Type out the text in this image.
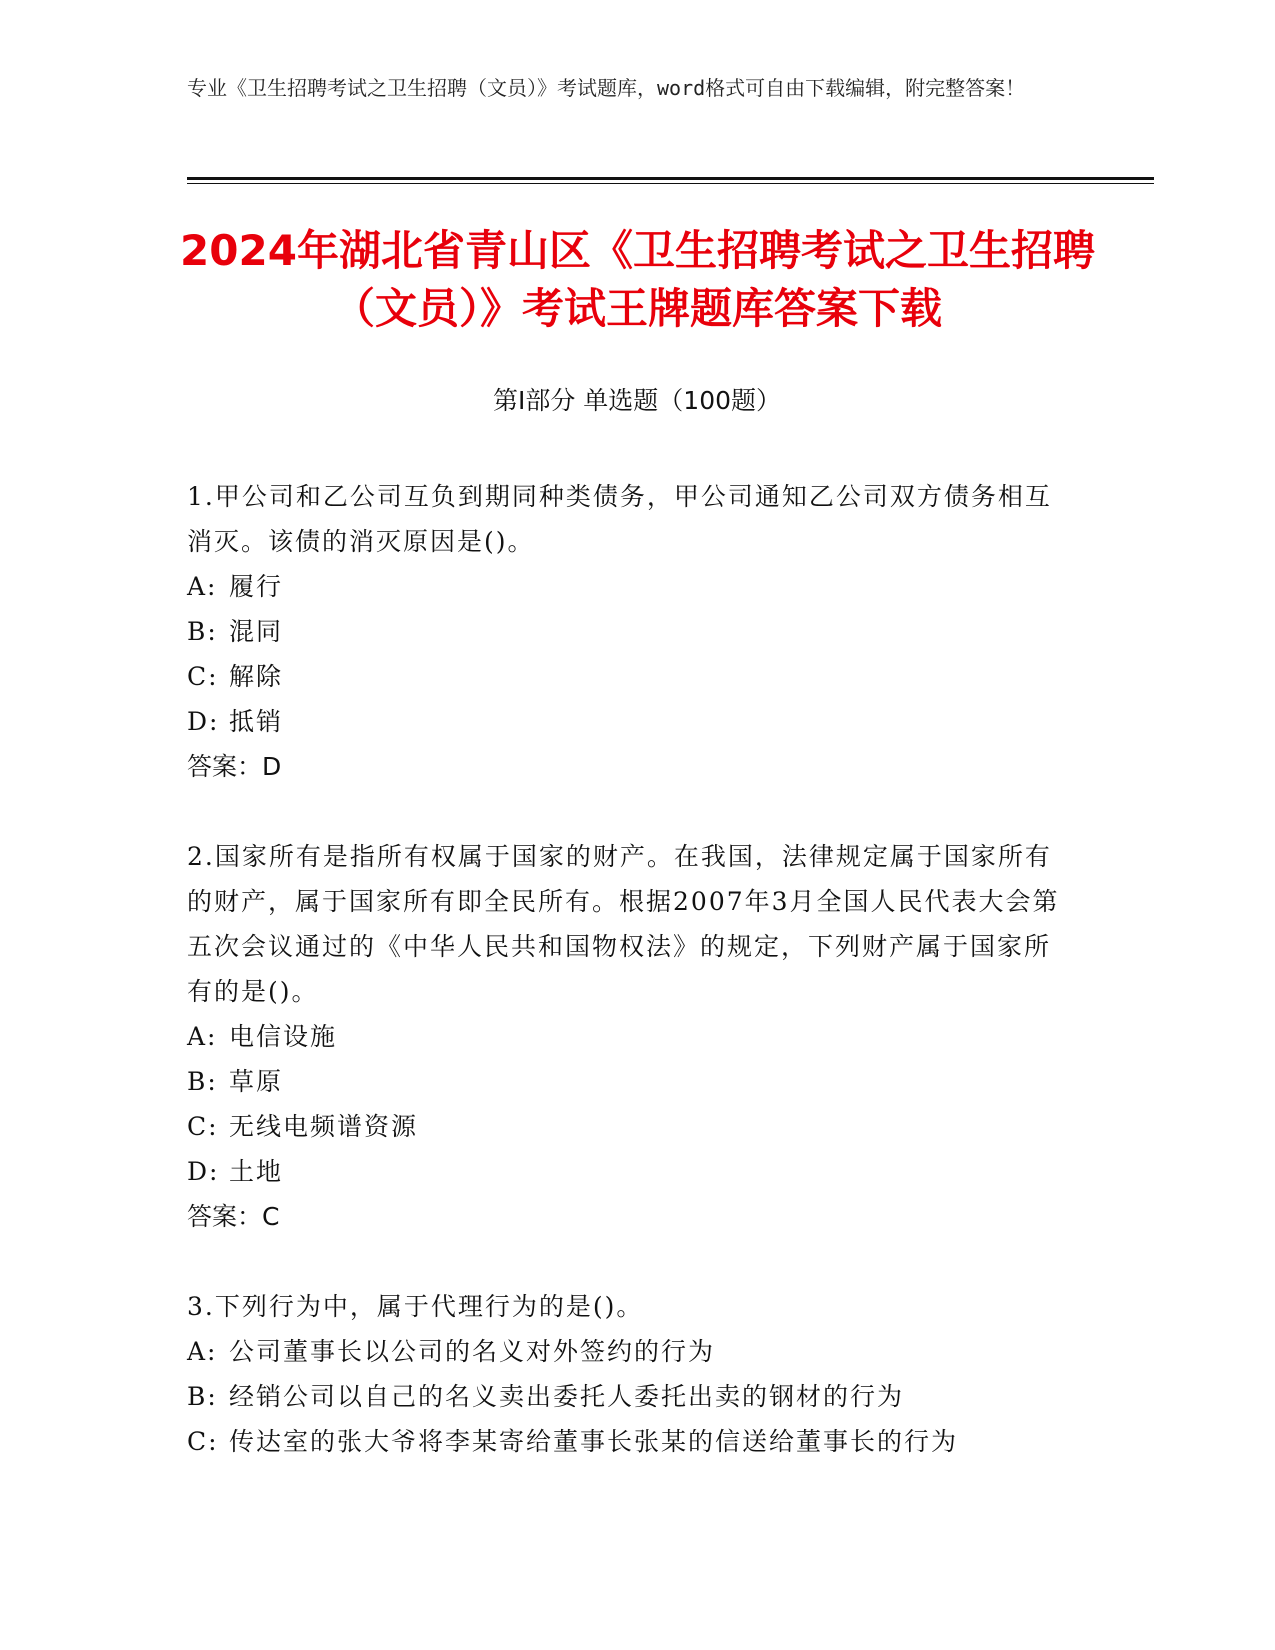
专业《卫生招聘考试之卫生招聘（文员）》考试题库，word格式可自由下载编辑，附完整答案！
2024年湖北省青山区《卫生招聘考试之卫生招聘（文员）》考试王牌题库答案下载
第Ⅰ部分 单选题（100题）
1.甲公司和乙公司互负到期同种类债务，甲公司通知乙公司双方债务相互消灭。该债的消灭原因是()。
A: 履行
B: 混同
C: 解除
D: 抵销
答案：D
2.国家所有是指所有权属于国家的财产。在我国，法律规定属于国家所有的财产，属于国家所有即全民所有。根据2007年3月全国人民代表大会第五次会议通过的《中华人民共和国物权法》的规定，下列财产属于国家所有的是()。
A: 电信设施
B: 草原
C: 无线电频谱资源
D: 土地
答案：C
3.下列行为中，属于代理行为的是()。
A: 公司董事长以公司的名义对外签约的行为
B: 经销公司以自己的名义卖出委托人委托出卖的钢材的行为
C: 传达室的张大爷将李某寄给董事长张某的信送给董事长的行为
